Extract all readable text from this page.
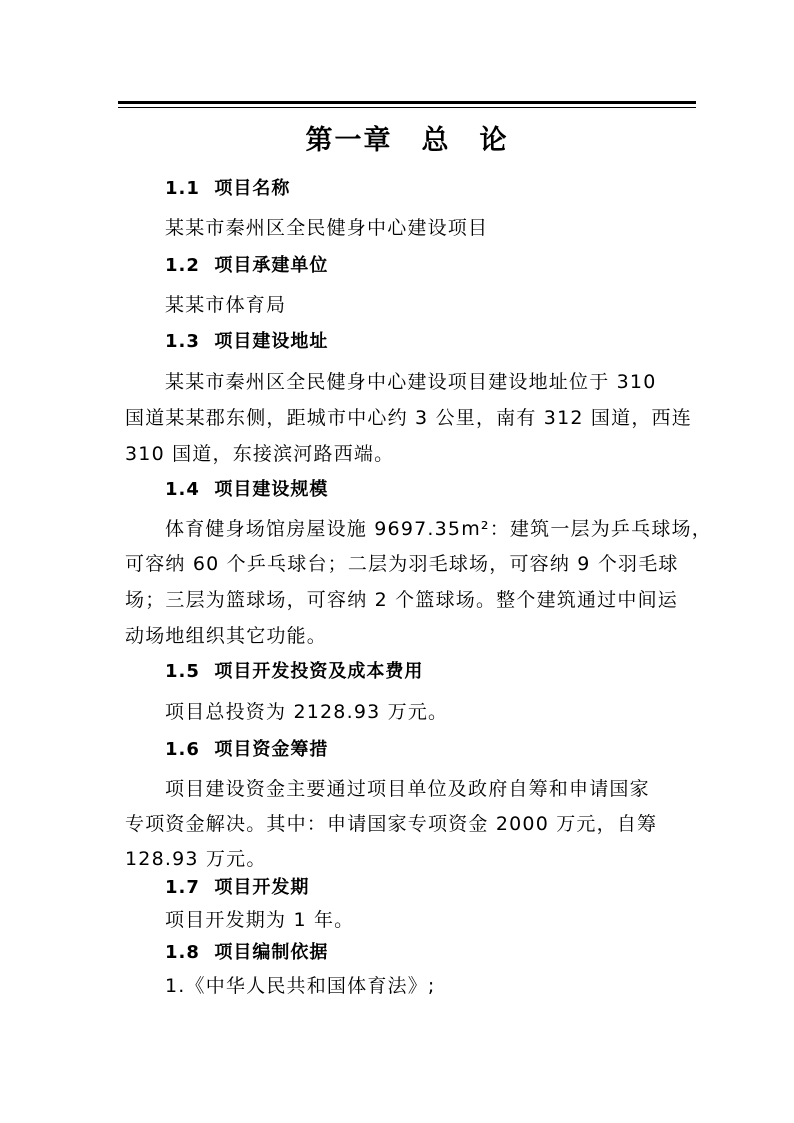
第一章　总　论
1.1  项目名称
某某市秦州区全民健身中心建设项目
1.2  项目承建单位
某某市体育局
1.3  项目建设地址
某某市秦州区全民健身中心建设项目建设地址位于 310
国道某某郡东侧，距城市中心约 3 公里，南有 312 国道，西连
310 国道，东接滨河路西端。
1.4  项目建设规模
体育健身场馆房屋设施 9697.35m²：建筑一层为乒乓球场，
可容纳 60 个乒乓球台；二层为羽毛球场，可容纳 9 个羽毛球
场；三层为篮球场，可容纳 2 个篮球场。整个建筑通过中间运
动场地组织其它功能。
1.5  项目开发投资及成本费用
项目总投资为 2128.93 万元。
1.6  项目资金筹措
项目建设资金主要通过项目单位及政府自筹和申请国家
专项资金解决。其中：申请国家专项资金 2000 万元，自筹
128.93 万元。
1.7  项目开发期
项目开发期为 1 年。
1.8  项目编制依据
1.《中华人民共和国体育法》;
